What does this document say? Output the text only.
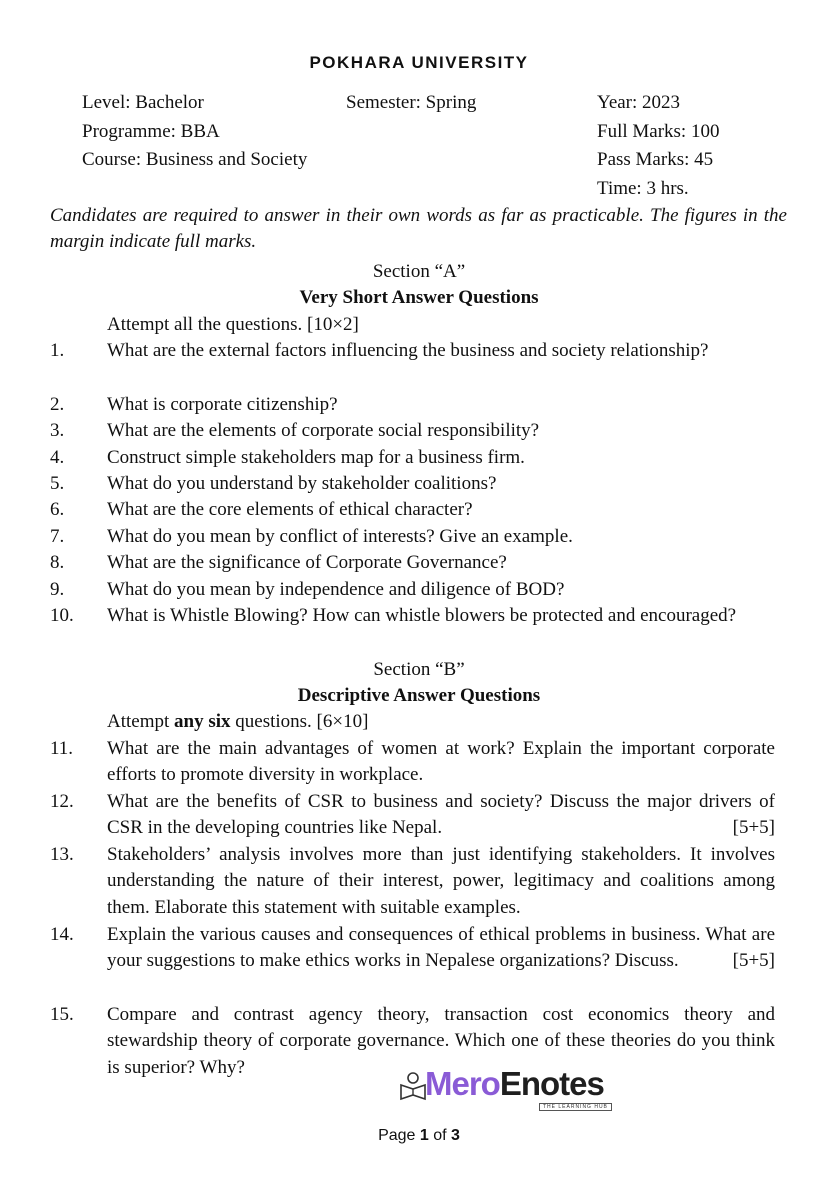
POKHARA UNIVERSITY
Level: Bachelor
Programme: BBA
Course: Business and Society
Semester: Spring	Year: 2023
Full Marks: 100
Pass Marks: 45
Time: 3 hrs.
Candidates are required to answer in their own words as far as practicable. The figures in the margin indicate full marks.
Section “A”
Very Short Answer Questions
Attempt all the questions. [10×2]
1.	What are the external factors influencing the business and society relationship?
2.	What is corporate citizenship?
3.	What are the elements of corporate social responsibility?
4.	Construct simple stakeholders map for a business firm.
5.	What do you understand by stakeholder coalitions?
6.	What are the core elements of ethical character?
7.	What do you mean by conflict of interests? Give an example.
8.	What are the significance of Corporate Governance?
9.	What do you mean by independence and diligence of BOD?
10.	What is Whistle Blowing? How can whistle blowers be protected and encouraged?
Section “B”
Descriptive Answer Questions
Attempt any six questions. [6×10]
11.	What are the main advantages of women at work? Explain the important corporate efforts to promote diversity in workplace.
12.	What are the benefits of CSR to business and society? Discuss the major drivers of CSR in the developing countries like Nepal.	[5+5]
13.	Stakeholders’ analysis involves more than just identifying stakeholders. It involves understanding the nature of their interest, power, legitimacy and coalitions among them. Elaborate this statement with suitable examples.
14.	Explain the various causes and consequences of ethical problems in business. What are your suggestions to make ethics works in Nepalese organizations? Discuss.	[5+5]
15.	Compare and contrast agency theory, transaction cost economics theory and stewardship theory of corporate governance. Which one of these theories do you think is superior? Why?	MeroEnotes
THE LEARNING HUB
Page 1 of 3
